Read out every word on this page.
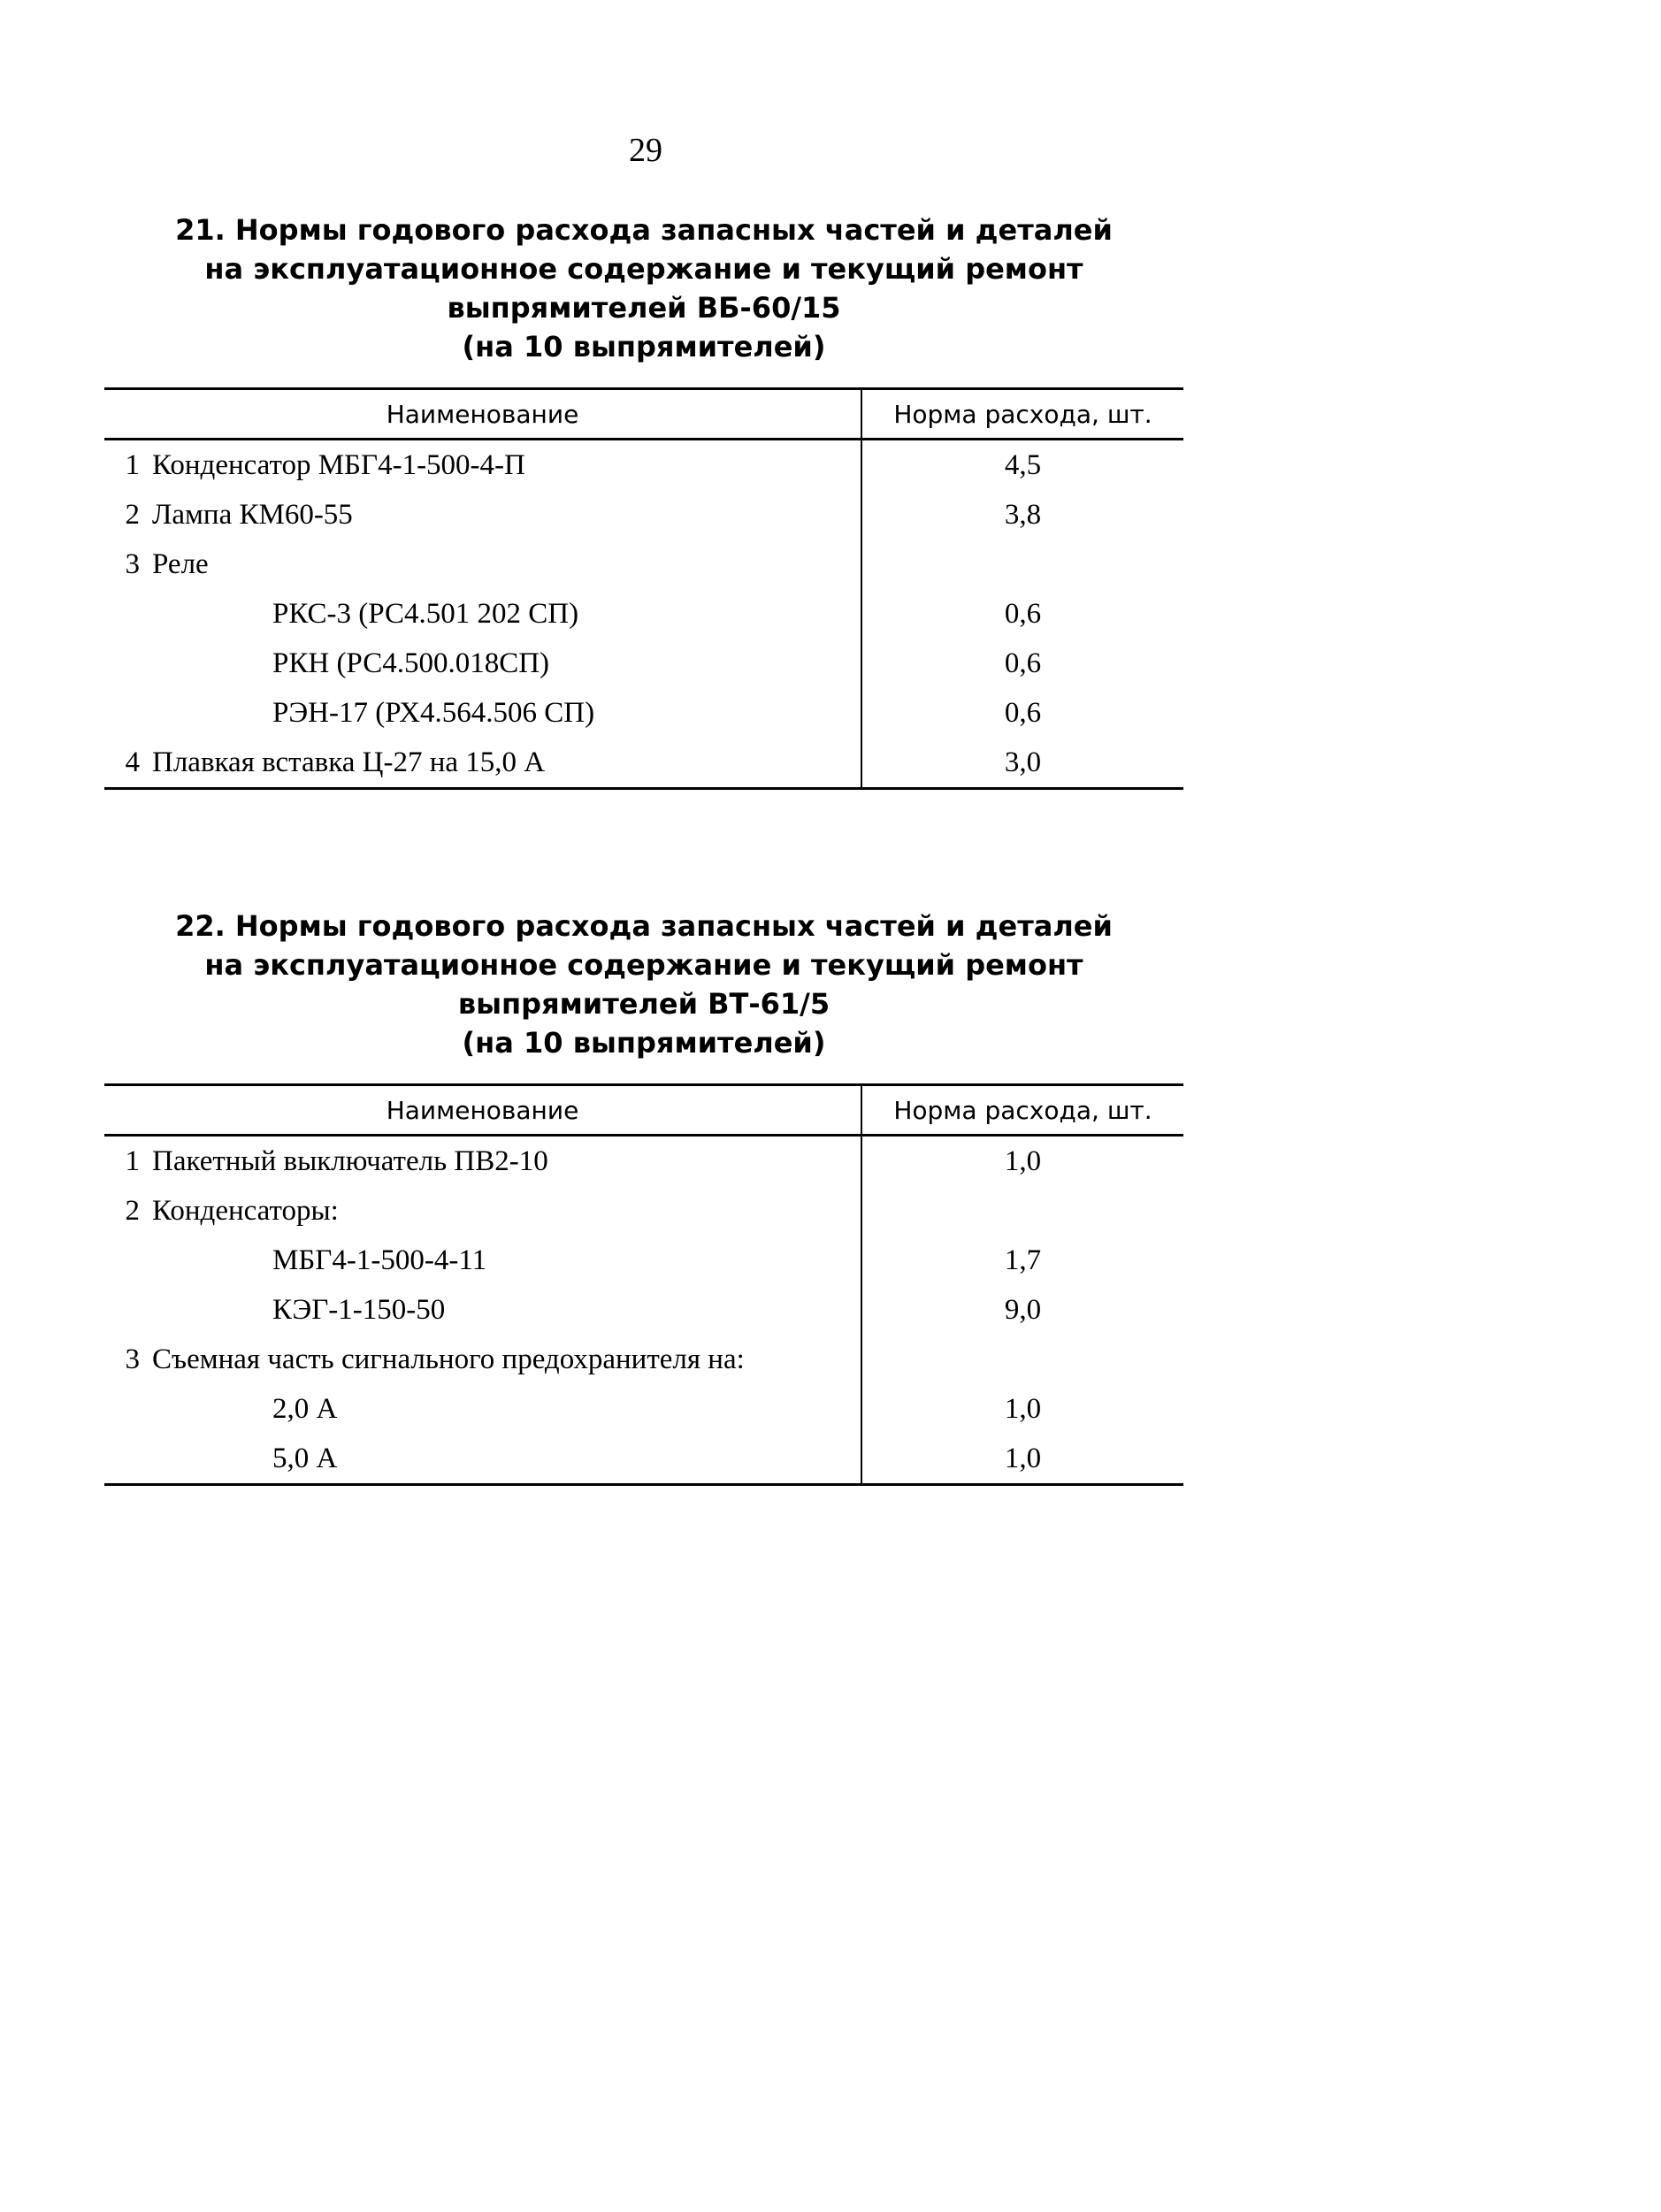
29
21. Нормы годового расхода запасных частей и деталей
на эксплуатационное содержание и текущий ремонт
выпрямителей ВБ-60/15
(на 10 выпрямителей)
Наименование	Норма расхода, шт.
1 Конденсатор МБГ4-1-500-4-П	4,5
2 Лампа КМ60-55	3,8
3 Реле	
РКС-3 (РС4.501 202 СП)	0,6
РКН (РС4.500.018СП)	0,6
РЭН-17 (РХ4.564.506 СП)	0,6
4 Плавкая вставка Ц-27 на 15,0 А	3,0
22. Нормы годового расхода запасных частей и деталей
на эксплуатационное содержание и текущий ремонт
выпрямителей ВТ-61/5
(на 10 выпрямителей)
Наименование	Норма расхода, шт.
1 Пакетный выключатель ПВ2-10	1,0
2 Конденсаторы:	
МБГ4-1-500-4-11	1,7
КЭГ-1-150-50	9,0
3 Съемная часть сигнального предохранителя на:	
2,0 А	1,0
5,0 А	1,0
